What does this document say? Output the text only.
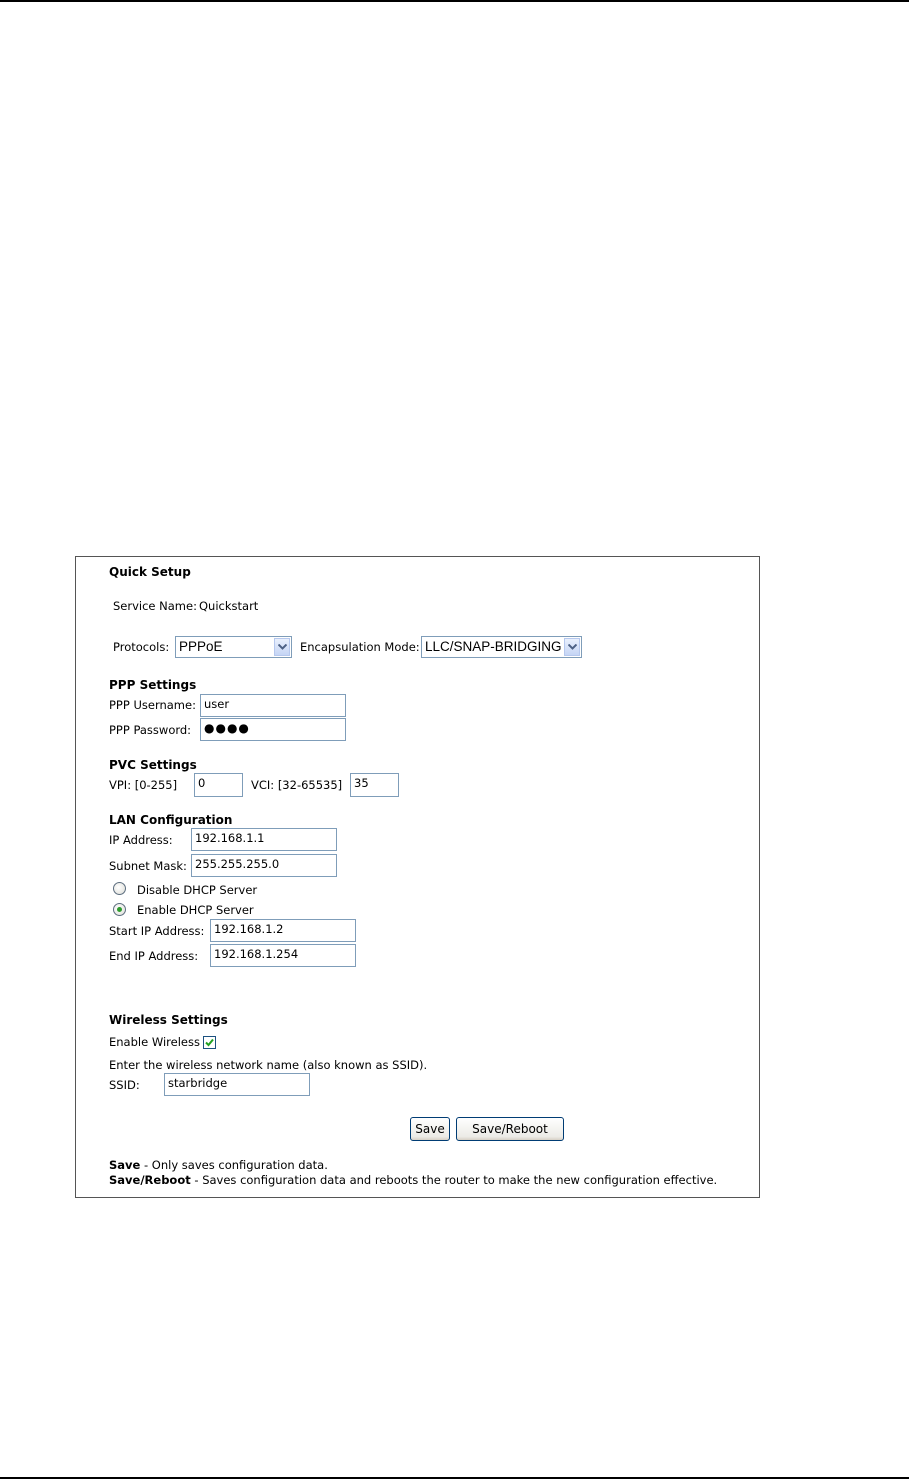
Quick Setup
Service Name: Quickstart
Protocols: PPPoE	Encapsulation Mode: LLC/SNAP-BRIDGING
PPP Settings
PPP Username: user
PPP Password:	●●●●
PVC Settings
VPI: [0-255]	0	VCI: [32-65535]	35
LAN Configuration
IP Address:	192.168.1.1
Subnet Mask: 255.255.255.0
Disable DHCP Server
Enable DHCP Server
Start IP Address: 192.168.1.2
End IP Address:	192.168.1.254
Wireless Settings
Enable Wireless
Enter the wireless network name (also known as SSID).
SSID:	starbridge
Save	Save/Reboot
Save - Only saves configuration data.
Save/Reboot - Saves configuration data and reboots the router to make the new configuration effective.
